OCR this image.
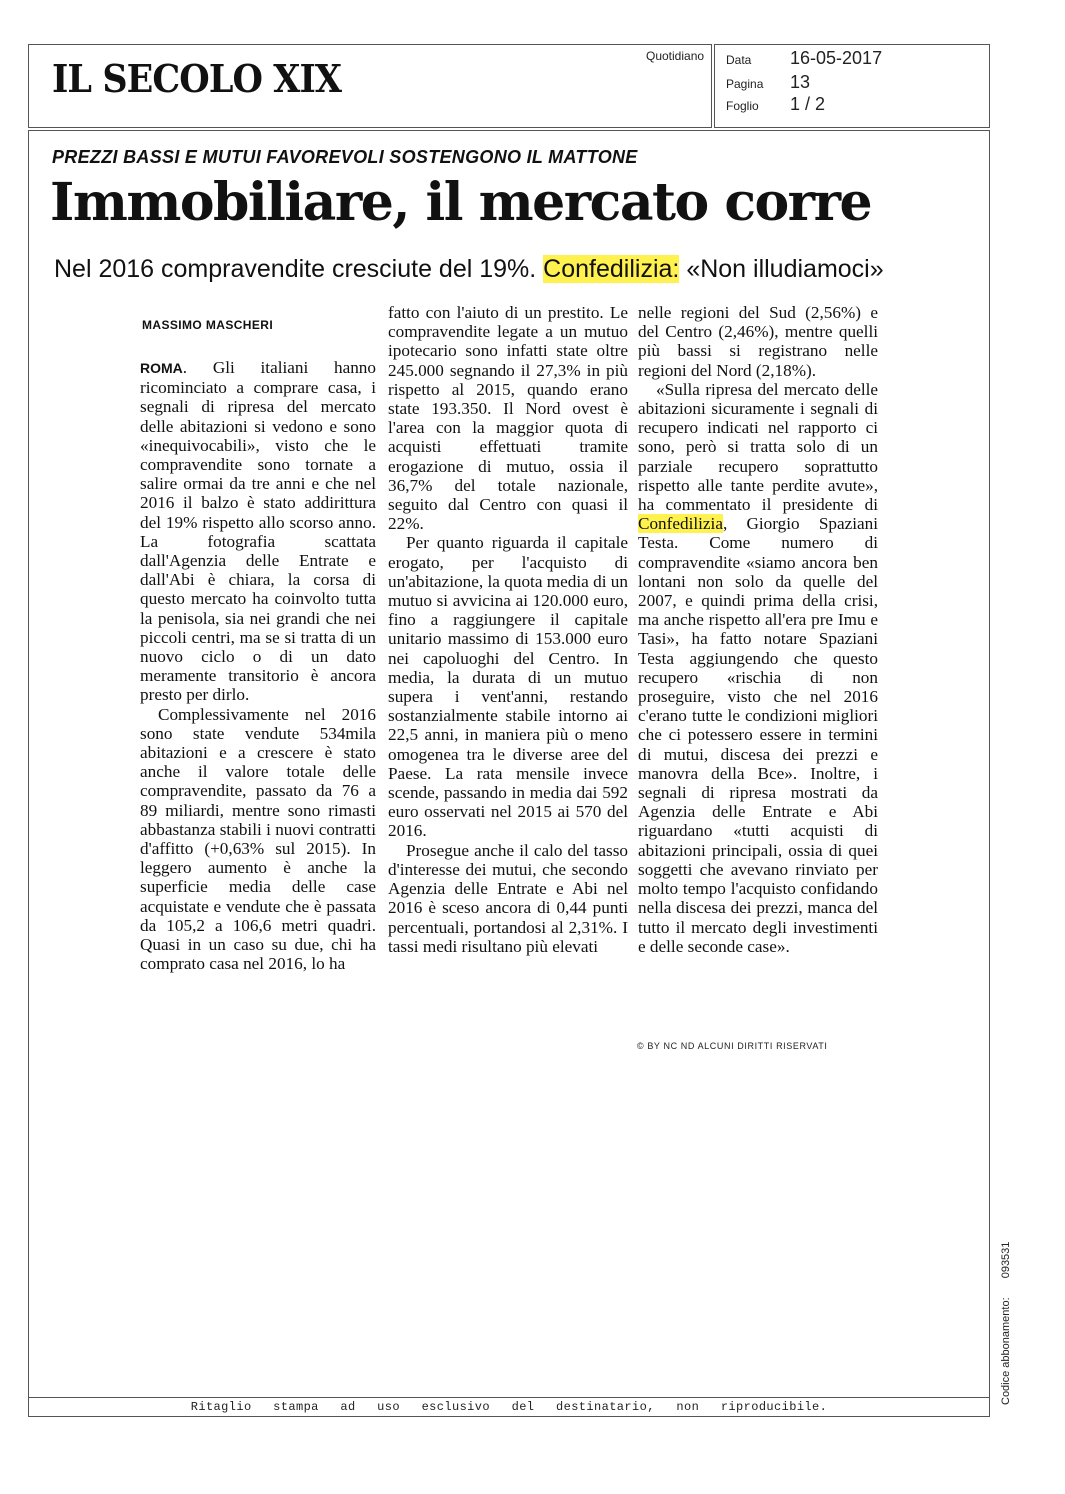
IL SECOLO XIX	Quotidiano Data 16-05-2017
Pagina 13
Foglio 1 / 2
PREZZI BASSI E MUTUI FAVOREVOLI SOSTENGONO IL MATTONE
Immobiliare, il mercato corre
Nel 2016 compravendite cresciute del 19%. Confedilizia: «Non illudiamoci»
MASSIMO MASCHERI

ROMA. Gli italiani hanno ricominciato a comprare casa, i segnali di ripresa del mercato delle abitazioni si vedono e sono «inequivocabili», visto che le compravendite sono tornate a salire ormai da tre anni e che nel 2016 il balzo è stato addirittura del 19% rispetto allo scorso anno. La fotografia scattata dall'Agenzia delle Entrate e dall'Abi è chiara, la corsa di questo mercato ha coinvolto tutta la penisola, sia nei grandi che nei piccoli centri, ma se si tratta di un nuovo ciclo o di un dato meramente transitorio è ancora presto per dirlo.

Complessivamente nel 2016 sono state vendute 534mila abitazioni e a crescere è stato anche il valore totale delle compravendite, passato da 76 a 89 miliardi, mentre sono rimasti abbastanza stabili i nuovi contratti d'affitto (+0,63% sul 2015). In leggero aumento è anche la superficie media delle case acquistate e vendute che è passata da 105,2 a 106,6 metri quadri. Quasi in un caso su due, chi ha comprato casa nel 2016, lo ha

fatto con l'aiuto di un prestito. Le compravendite legate a un mutuo ipotecario sono infatti state oltre 245.000 segnando il 27,3% in più rispetto al 2015, quando erano state 193.350. Il Nord ovest è l'area con la maggior quota di acquisti effettuati tramite erogazione di mutuo, ossia il 36,7% del totale nazionale, seguito dal Centro con quasi il 22%.

Per quanto riguarda il capitale erogato, per l'acquisto di un'abitazione, la quota media di un mutuo si avvicina ai 120.000 euro, fino a raggiungere il capitale unitario massimo di 153.000 euro nei capoluoghi del Centro. In media, la durata di un mutuo supera i vent'anni, restando sostanzialmente stabile intorno ai 22,5 anni, in maniera più o meno omogenea tra le diverse aree del Paese. La rata mensile invece scende, passando in media dai 592 euro osservati nel 2015 ai 570 del 2016.

Prosegue anche il calo del tasso d'interesse dei mutui, che secondo Agenzia delle Entrate e Abi nel 2016 è sceso ancora di 0,44 punti percentuali, portandosi al 2,31%. I tassi medi risultano più elevati

nelle regioni del Sud (2,56%) e del Centro (2,46%), mentre quelli più bassi si registrano nelle regioni del Nord (2,18%).

«Sulla ripresa del mercato delle abitazioni sicuramente i segnali di recupero indicati nel rapporto ci sono, però si tratta solo di un parziale recupero soprattutto rispetto alle tante perdite avute», ha commentato il presidente di Confedilizia, Giorgio Spaziani Testa. Come numero di compravendite «siamo ancora ben lontani non solo da quelle del 2007, e quindi prima della crisi, ma anche rispetto all'era pre Imu e Tasi», ha fatto notare Spaziani Testa aggiungendo che questo recupero «rischia di non proseguire, visto che nel 2016 c'erano tutte le condizioni migliori che ci potessero essere in termini di mutui, discesa dei prezzi e manovra della Bce». Inoltre, i segnali di ripresa mostrati da Agenzia delle Entrate e Abi riguardano «tutti acquisti di abitazioni principali, ossia di quei soggetti che avevano rinviato per molto tempo l'acquisto confidando nella discesa dei prezzi, manca del tutto il mercato degli investimenti e delle seconde case».

© BY NC ND ALCUNI DIRITTI RISERVATI
Codice abbonamento: 093531
Ritaglio stampa ad uso esclusivo del destinatario, non riproducibile.
